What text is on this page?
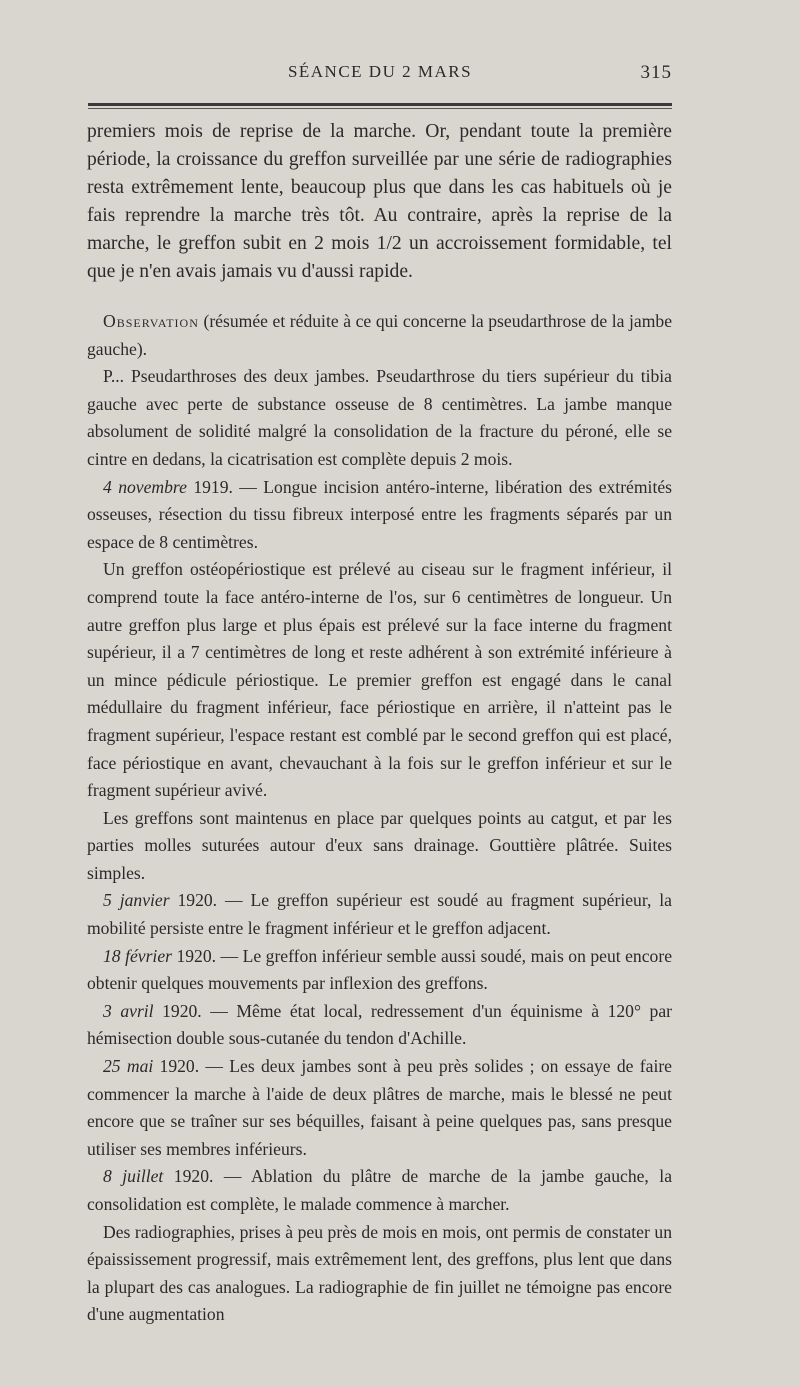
SÉANCE DU 2 MARS	315

premiers mois de reprise de la marche. Or, pendant toute la première période, la croissance du greffon surveillée par une série de radiographies resta extrêmement lente, beaucoup plus que dans les cas habituels où je fais reprendre la marche très tôt. Au contraire, après la reprise de la marche, le greffon subit en 2 mois 1/2 un accroissement formidable, tel que je n'en avais jamais vu d'aussi rapide.

Observation (résumée et réduite à ce qui concerne la pseudarthrose de la jambe gauche).

P... Pseudarthroses des deux jambes. Pseudarthrose du tiers supérieur du tibia gauche avec perte de substance osseuse de 8 centimètres. La jambe manque absolument de solidité malgré la consolidation de la fracture du péroné, elle se cintre en dedans, la cicatrisation est complète depuis 2 mois.

4 novembre 1919. — Longue incision antéro-interne, libération des extrémités osseuses, résection du tissu fibreux interposé entre les fragments séparés par un espace de 8 centimètres.

Un greffon ostéopériostique est prélevé au ciseau sur le fragment inférieur, il comprend toute la face antéro-interne de l'os, sur 6 centimètres de longueur. Un autre greffon plus large et plus épais est prélevé sur la face interne du fragment supérieur, il a 7 centimètres de long et reste adhérent à son extrémité inférieure à un mince pédicule périostique. Le premier greffon est engagé dans le canal médullaire du fragment inférieur, face périostique en arrière, il n'atteint pas le fragment supérieur, l'espace restant est comblé par le second greffon qui est placé, face périostique en avant, chevauchant à la fois sur le greffon inférieur et sur le fragment supérieur avivé.

Les greffons sont maintenus en place par quelques points au catgut, et par les parties molles suturées autour d'eux sans drainage. Gouttière plâtrée. Suites simples.

5 janvier 1920. — Le greffon supérieur est soudé au fragment supérieur, la mobilité persiste entre le fragment inférieur et le greffon adjacent.

18 février 1920. — Le greffon inférieur semble aussi soudé, mais on peut encore obtenir quelques mouvements par inflexion des greffons.

3 avril 1920. — Même état local, redressement d'un équinisme à 120° par hémisection double sous-cutanée du tendon d'Achille.

25 mai 1920. — Les deux jambes sont à peu près solides ; on essaye de faire commencer la marche à l'aide de deux plâtres de marche, mais le blessé ne peut encore que se traîner sur ses béquilles, faisant à peine quelques pas, sans presque utiliser ses membres inférieurs.

8 juillet 1920. — Ablation du plâtre de marche de la jambe gauche, la consolidation est complète, le malade commence à marcher.

Des radiographies, prises à peu près de mois en mois, ont permis de constater un épaississement progressif, mais extrêmement lent, des greffons, plus lent que dans la plupart des cas analogues. La radiographie de fin juillet ne témoigne pas encore d'une augmentation
